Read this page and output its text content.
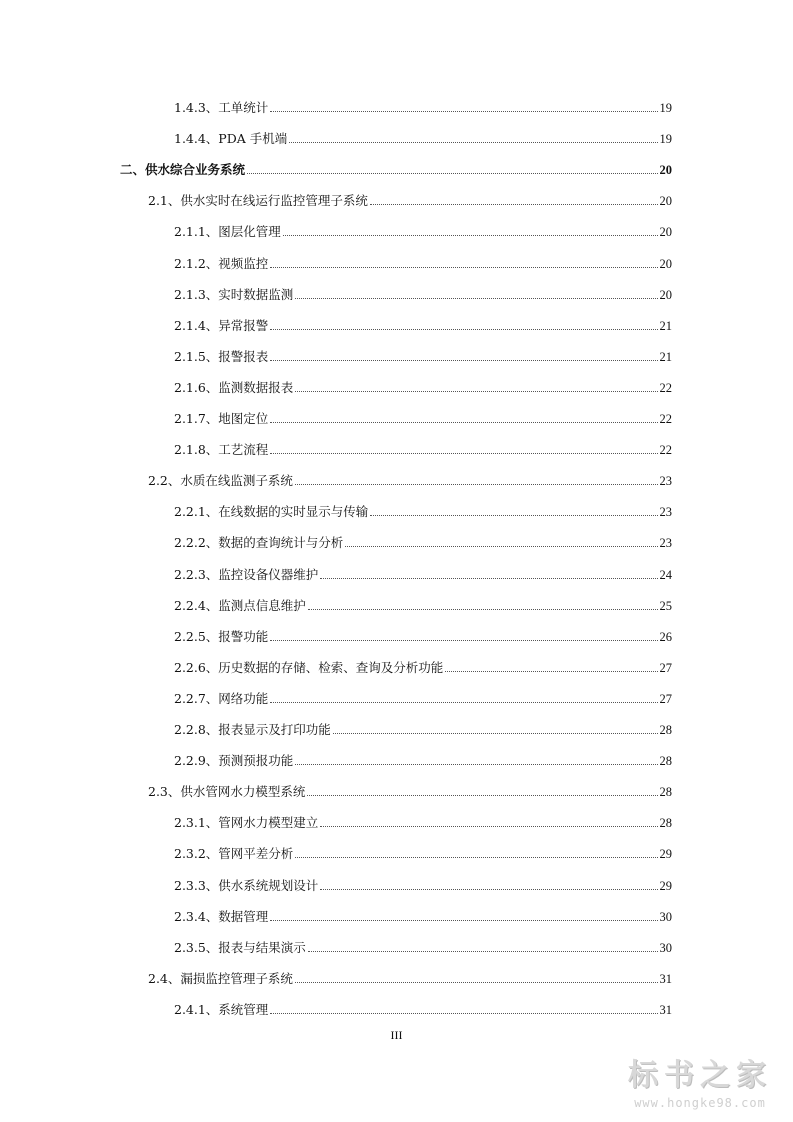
1.4.3、工单统计	19
1.4.4、PDA 手机端	19
二、供水综合业务系统	20
2.1、供水实时在线运行监控管理子系统	20
2.1.1、图层化管理	20
2.1.2、视频监控	20
2.1.3、实时数据监测	20
2.1.4、异常报警	21
2.1.5、报警报表	21
2.1.6、监测数据报表	22
2.1.7、地图定位	22
2.1.8、工艺流程	22
2.2、水质在线监测子系统	23
2.2.1、在线数据的实时显示与传输	23
2.2.2、数据的查询统计与分析	23
2.2.3、监控设备仪器维护	24
2.2.4、监测点信息维护	25
2.2.5、报警功能	26
2.2.6、历史数据的存储、检索、查询及分析功能	27
2.2.7、网络功能	27
2.2.8、报表显示及打印功能	28
2.2.9、预测预报功能	28
2.3、供水管网水力模型系统	28
2.3.1、管网水力模型建立	28
2.3.2、管网平差分析	29
2.3.3、供水系统规划设计	29
2.3.4、数据管理	30
2.3.5、报表与结果演示	30
2.4、漏损监控管理子系统	31
2.4.1、系统管理	31
III
标书之家
www.hongke98.com
